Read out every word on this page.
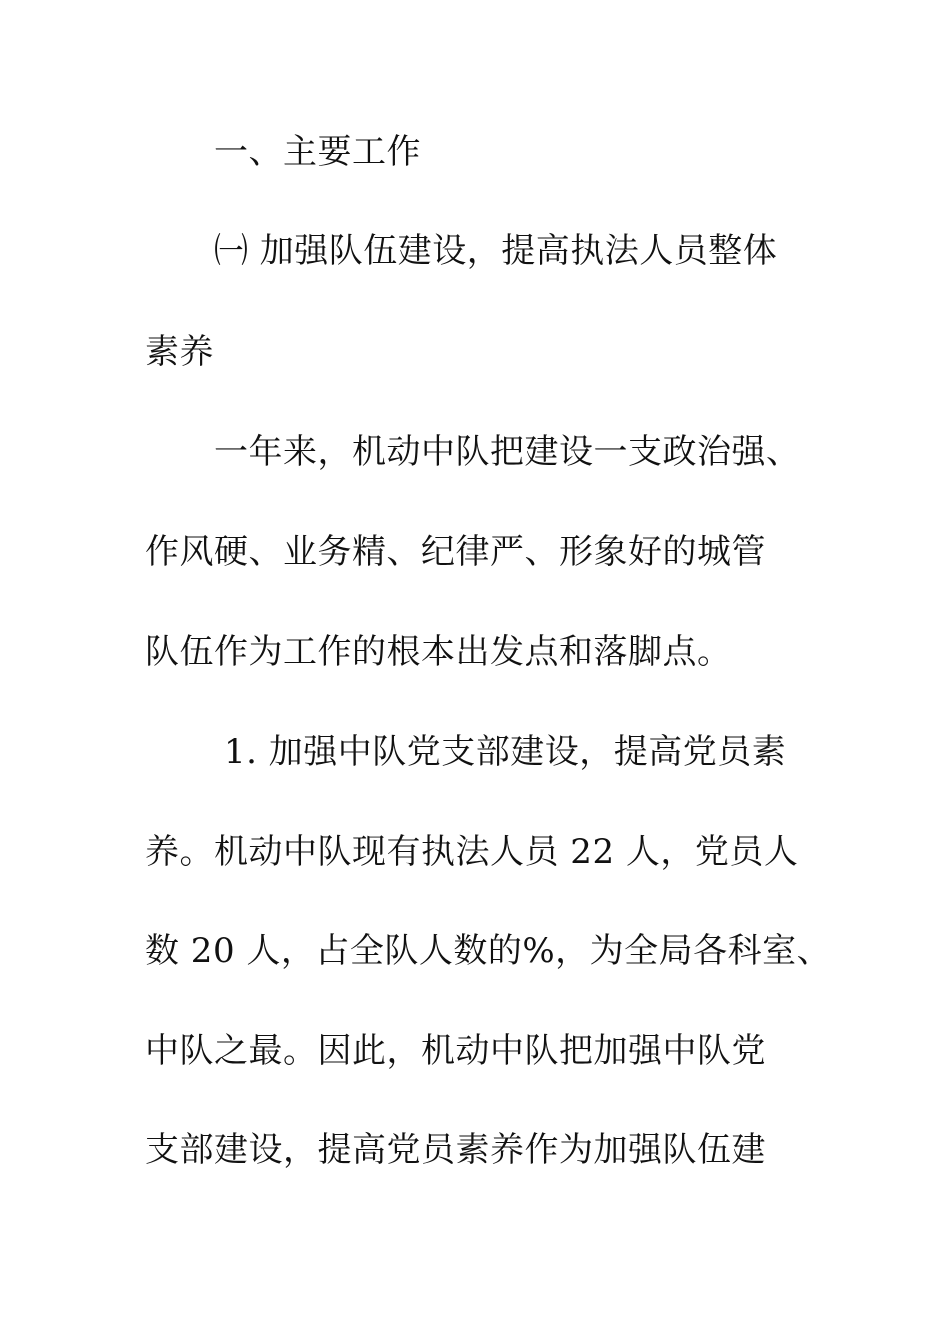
一、主要工作
㈠ 加强队伍建设，提高执法人员整体
素养
一年来，机动中队把建设一支政治强、
作风硬、业务精、纪律严、形象好的城管
队伍作为工作的根本出发点和落脚点。
1. 加强中队党支部建设，提高党员素
养。机动中队现有执法人员 22 人，党员人
数 20 人，占全队人数的%，为全局各科室、
中队之最。因此，机动中队把加强中队党
支部建设，提高党员素养作为加强队伍建
